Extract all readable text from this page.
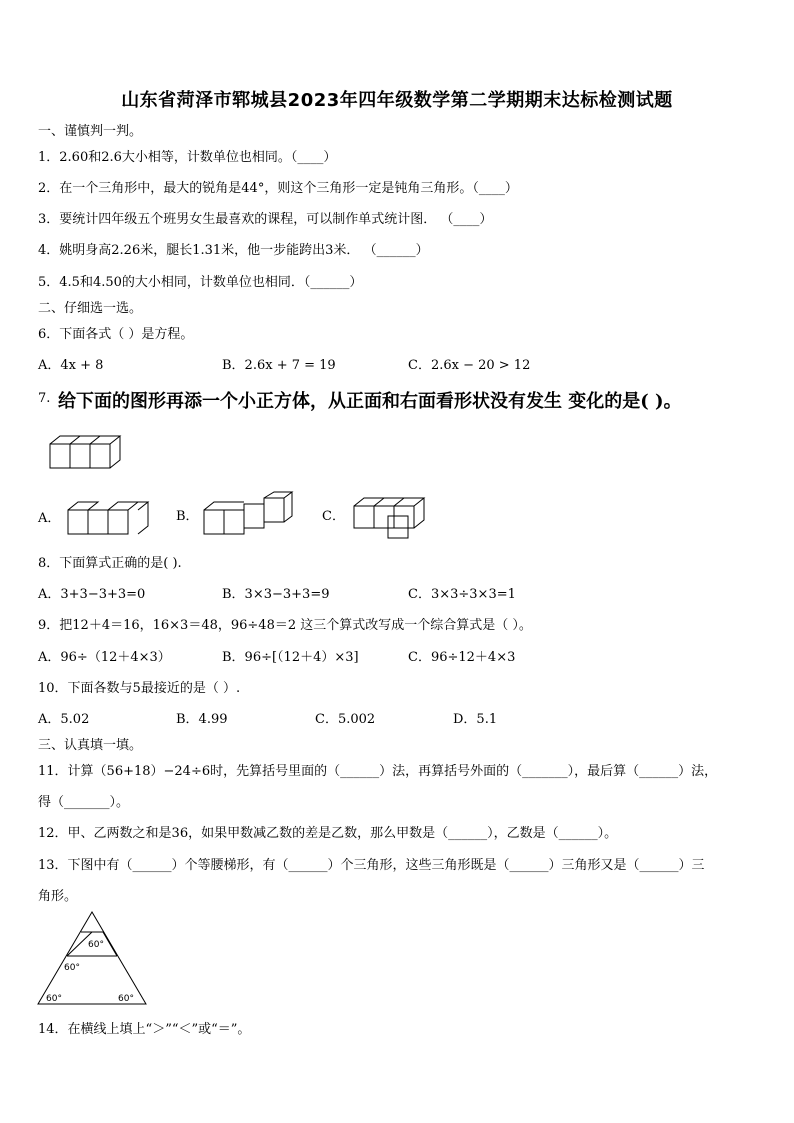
山东省菏泽市郓城县2023年四年级数学第二学期期末达标检测试题
一、谨慎判一判。
1．2.60和2.6大小相等，计数单位也相同。（____）
2．在一个三角形中，最大的锐角是44°，则这个三角形一定是钝角三角形。（____）
3．要统计四年级五个班男女生最喜欢的课程，可以制作单式统计图． （____）
4．姚明身高2.26米，腿长1.31米，他一步能跨出3米． （______）
5．4.5和4.50的大小相同，计数单位也相同．（______）
二、仔细选一选。
6．下面各式（ ）是方程。
A．4x + 8	B．2.6x + 7 = 19	C．2.6x − 20 > 12
7. 给下面的图形再添一个小正方体，从正面和右面看形状没有发生 变化的是( )。
A．	B．	C．
8．下面算式正确的是( ).
A．3+3−3+3=0	B．3×3−3+3=9	C．3×3÷3×3=1
9．把12＋4＝16，16×3＝48，96÷48＝2 这三个算式改写成一个综合算式是（ ）。
A．96÷（12＋4×3）	B．96÷[（12＋4）×3]	C．96÷12＋4×3
10．下面各数与5最接近的是（ ）.
A．5.02	B．4.99	C．5.002	D．5.1
三、认真填一填。
11．计算（56+18）−24÷6时，先算括号里面的（______）法，再算括号外面的（_______），最后算（______）法，
得（_______）。
12．甲、乙两数之和是36，如果甲数减乙数的差是乙数，那么甲数是（______），乙数是（______）。
13．下图中有（______）个等腰梯形，有（______）个三角形，这些三角形既是（______）三角形又是（______）三
角形。
60°
60°
60°	60°
14．在横线上填上“＞”“＜”或“＝”。
